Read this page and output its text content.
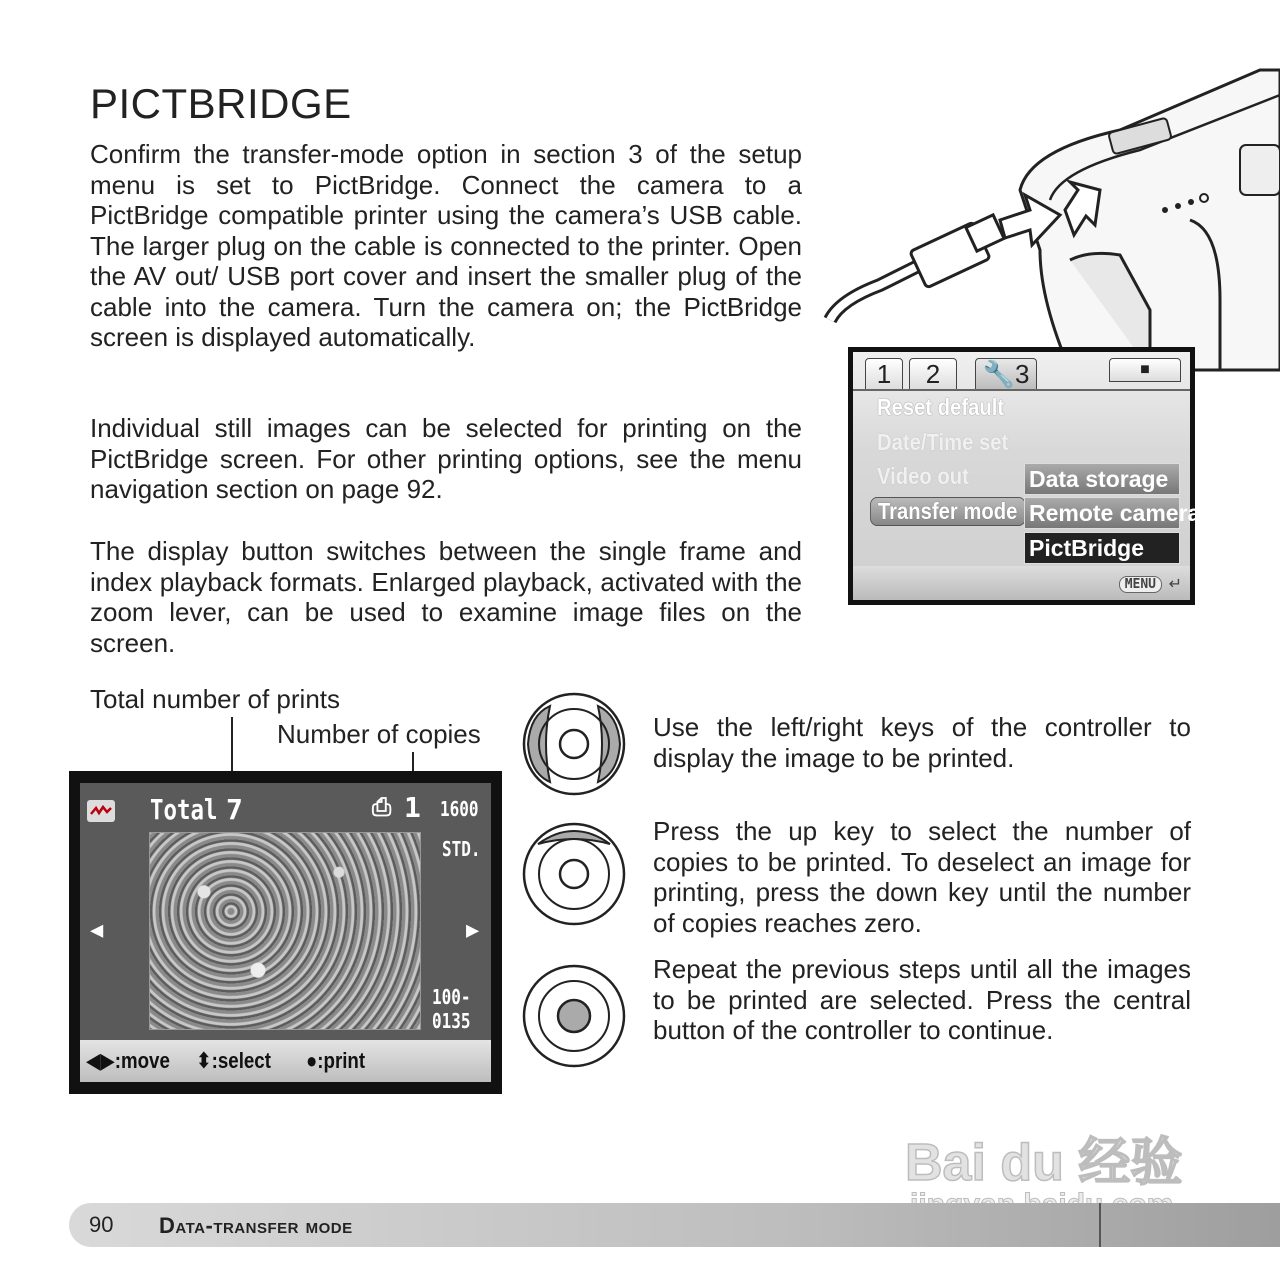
PICTBRIDGE

Confirm the transfer-mode option in section 3 of the setup menu is set to PictBridge. Connect the camera to a PictBridge compatible printer using the camera’s USB cable. The larger plug on the cable is connected to the printer. Open the AV out/ USB port cover and insert the smaller plug of the cable into the camera. Turn the camera on; the PictBridge screen is displayed automatically.

Individual still images can be selected for printing on the PictBridge screen. For other printing options, see the menu navigation section on page 92.

The display button switches between the single frame and index playback formats. Enlarged playback, activated with the zoom lever, can be used to examine image files on the screen.

1	2	🔧3	■
Reset default
Date/Time set
Video out
Transfer mode
Data storage
Remote camera
PictBridge
MENU ↵
Total number of prints
Number of copies
Total 7	⎙ 1 1600
STD.
◀	▶
100-
0135
◀▶:move ⬍:select ●:print

Use the left/right keys of the controller to display the image to be printed.

Press the up key to select the number of copies to be printed. To deselect an image for printing, press the down key until the number of copies reaches zero.

Repeat the previous steps until all the images to be printed are selected. Press the central button of the controller to continue.

Bai du 经验
90 Data-transfer mode
